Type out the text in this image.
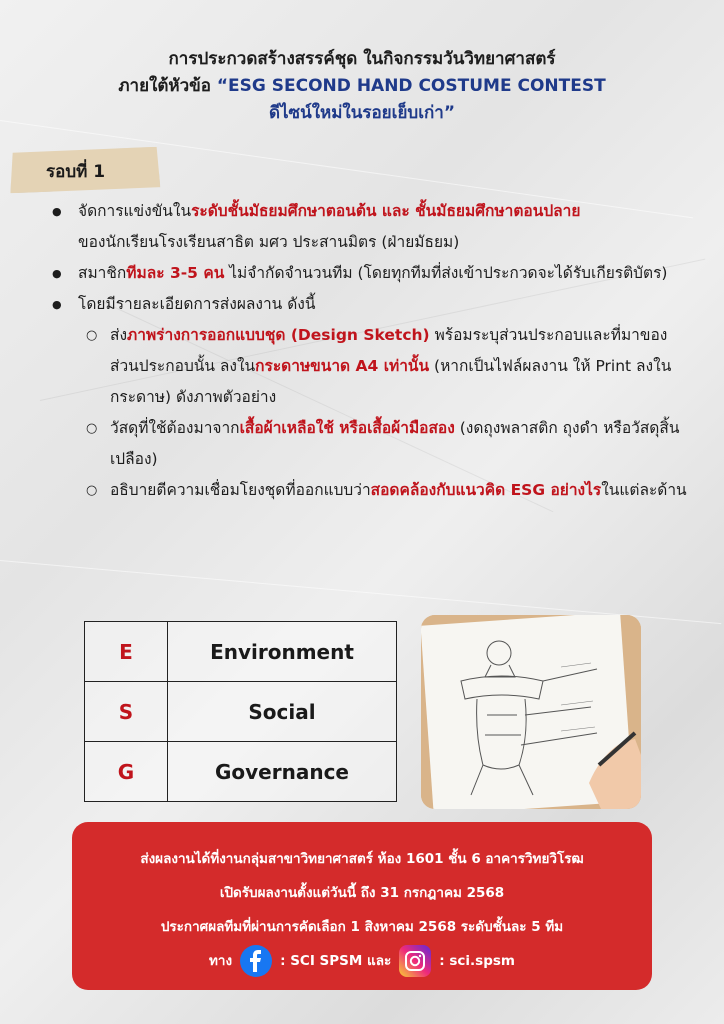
การประกวดสร้างสรรค์ชุด ในกิจกรรมวันวิทยาศาสตร์
ภายใต้หัวข้อ “ESG SECOND HAND COSTUME CONTEST
ดีไซน์ใหม่ในรอยเย็บเก่า”
รอบที่ 1
● จัดการแข่งขันในระดับชั้นมัธยมศึกษาตอนต้น และ ชั้นมัธยมศึกษาตอนปลาย
ของนักเรียนโรงเรียนสาธิต มศว ประสานมิตร (ฝ่ายมัธยม)
● สมาชิกทีมละ 3-5 คน ไม่จำกัดจำนวนทีม (โดยทุกทีมที่ส่งเข้าประกวดจะได้รับเกียรติบัตร)
● โดยมีรายละเอียดการส่งผลงาน ดังนี้
○ ส่งภาพร่างการออกแบบชุด (Design Sketch) พร้อมระบุส่วนประกอบและที่มาของส่วนประกอบนั้น ลงในกระดาษขนาด A4 เท่านั้น (หากเป็นไฟล์ผลงาน ให้ Print ลงในกระดาษ) ดังภาพตัวอย่าง
○ วัสดุที่ใช้ต้องมาจากเสื้อผ้าเหลือใช้ หรือเสื้อผ้ามือสอง (งดถุงพลาสติก ถุงดำ หรือวัสดุสิ้นเปลือง)
○ อธิบายตีความเชื่อมโยงชุดที่ออกแบบว่าสอดคล้องกับแนวคิด ESG อย่างไรในแต่ละด้าน
E	Environment
S	Social
G	Governance
ส่งผลงานได้ที่งานกลุ่มสาขาวิทยาศาสตร์ ห้อง 1601 ชั้น 6 อาคารวิทยวิโรฒ
เปิดรับผลงานตั้งแต่วันนี้ ถึง 31 กรกฎาคม 2568
ประกาศผลทีมที่ผ่านการคัดเลือก 1 สิงหาคม 2568 ระดับชั้นละ 5 ทีม
ทาง	: SCI SPSM และ	: sci.spsm
